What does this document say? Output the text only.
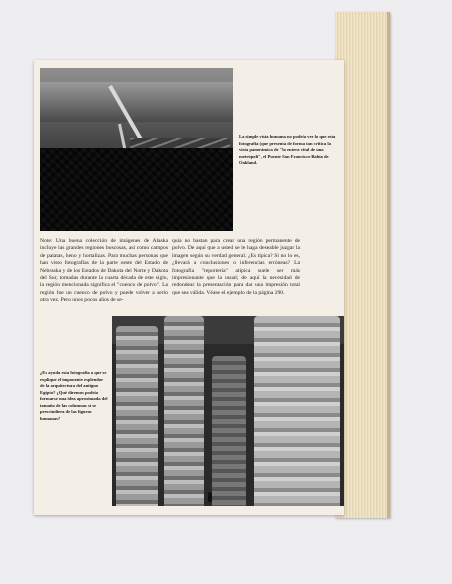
La simple vista humana no podría ver lo que esta fotografía (que presenta de forma tan crítica la vista panorámica de "la entera vital de una metrópoli", el Puente San Francisco-Bahía de Oakland.
Note: Una buena colección de imágenes de Alaska incluye las grandes regiones boscosas, así como campos de patatas, heno y hortalizas. Para muchas personas que han visto fotografías de la parte oeste del Estado de Nebraska y de los Estados de Dakota del Norte y Dakota del Sur, tomadas durante la cuarta década de este siglo, la región mencionada significa el "cuenco de polvo". La región fue un cuenco de polvo y puede volver a serlo otra vez. Pero unos pocos años de se-
quía no bastan para crear una región permanente de polvo. De aquí que a usted se le haga deseable juzgar la imagen según su verdad general. ¿Es típica? Si no lo es, ¿llevará a conclusiones o inferencias erróneas? La fotografía "reportería" atípica suele ser más impresionante que la usual; de aquí la necesidad de redondear la presentación para dar una impresión total que sea válida. Véase el ejemplo de la página 290.
¿Es ayuda esta fotografía a que se explique el imponente esplendor de la arquitectura del antiguo Egipto? ¿Qué diremos podría formarse una idea aproximada del tamaño de las columnas si se prescindiera de las figuras humanas?
